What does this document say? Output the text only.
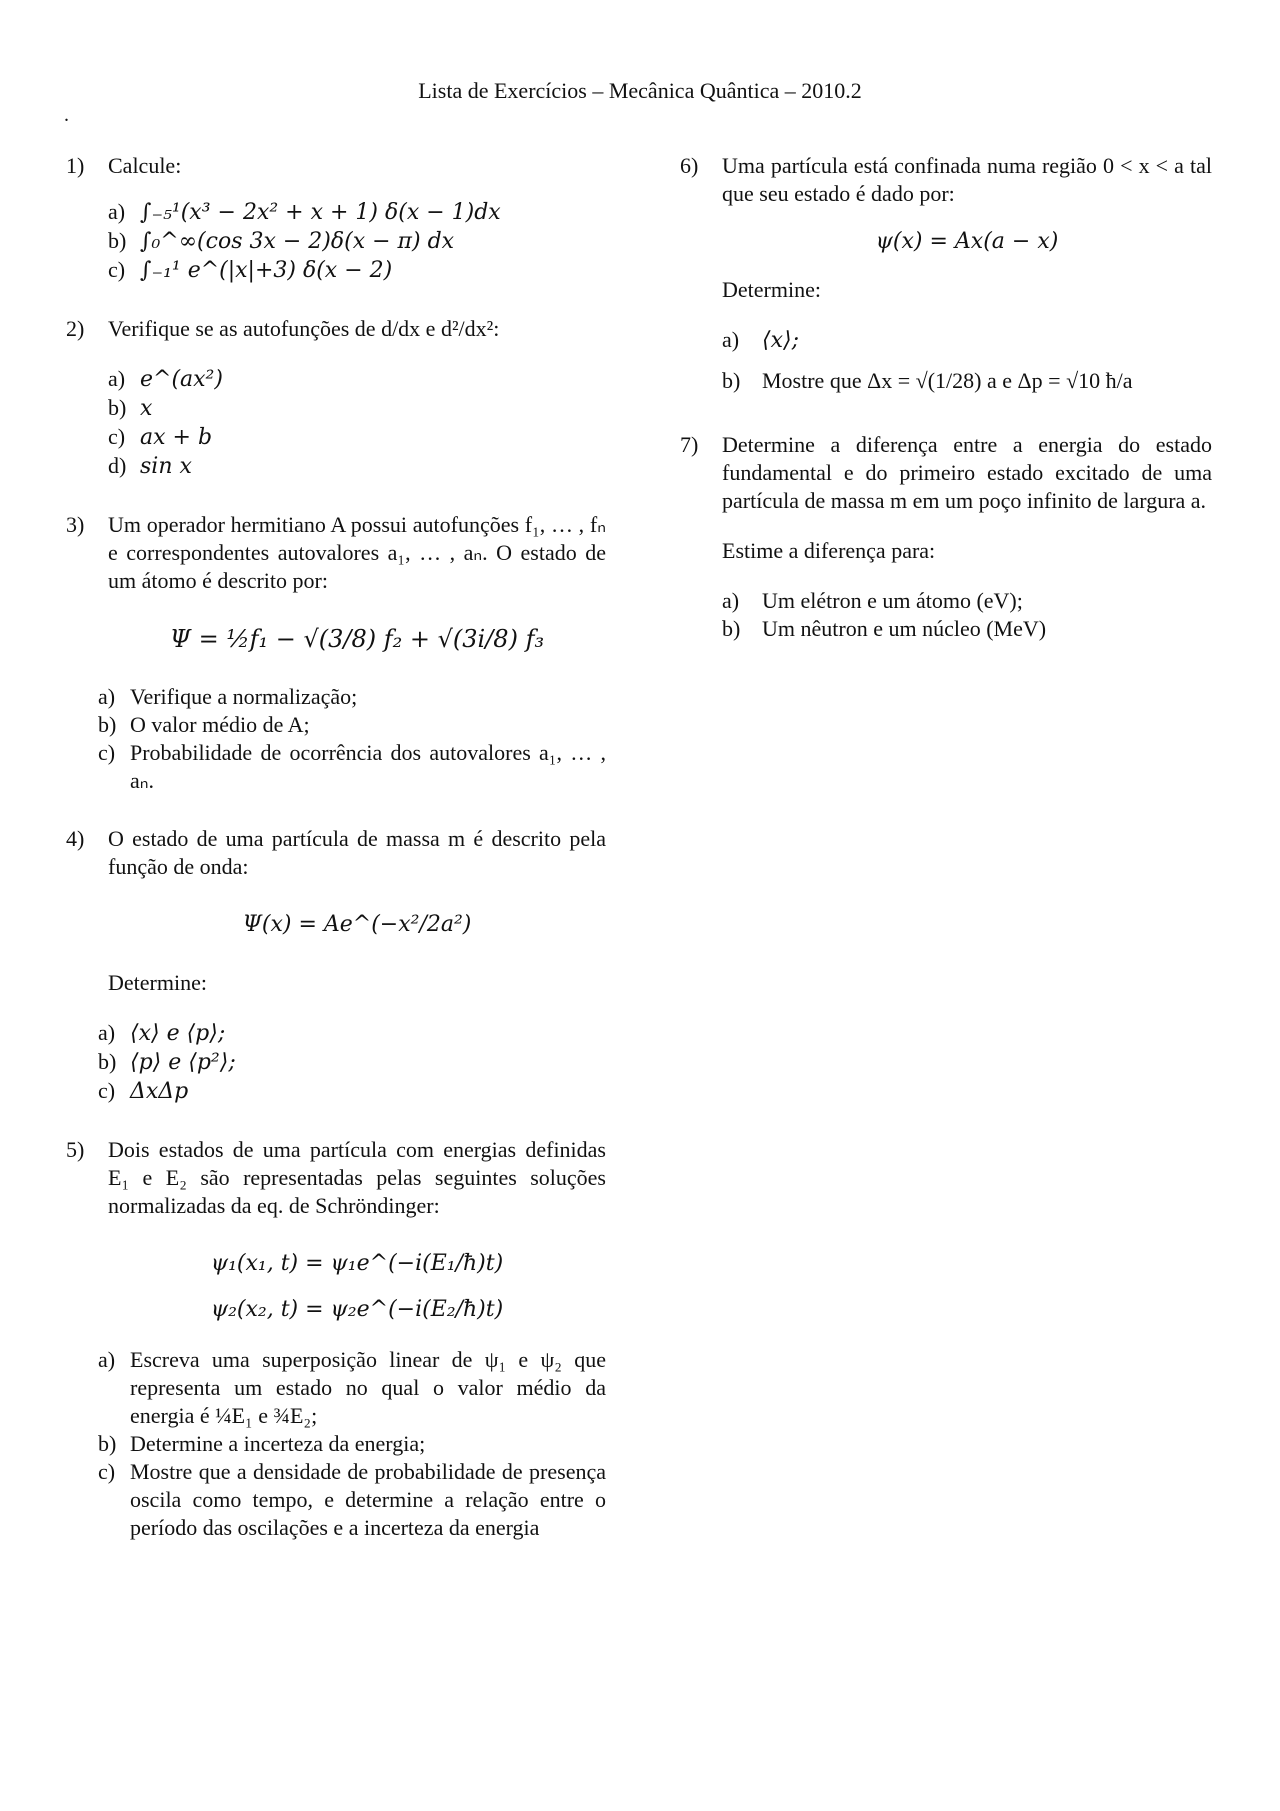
Lista de Exercícios – Mecânica Quântica – 2010.2
.
1) Calcule:
a) ∫₋₅¹(x³ − 2x² + x + 1) δ(x − 1)dx
b) ∫₀^∞(cos 3x − 2)δ(x − π) dx
c) ∫₋₁¹ e^(|x|+3) δ(x − 2)
2) Verifique se as autofunções de d/dx e d²/dx²:
a) e^(ax²)
b) x
c) ax + b
d) sin x
3) Um operador hermitiano A possui autofunções f₁, … , fₙ e correspondentes autovalores a₁, … , aₙ. O estado de um átomo é descrito por:
Ψ = ½f₁ − √(3/8) f₂ + √(3i/8) f₃
a) Verifique a normalização;
b) O valor médio de A;
c) Probabilidade de ocorrência dos autovalores a₁, … , aₙ.
4) O estado de uma partícula de massa m é descrito pela função de onda:
Ψ(x) = Ae^(−x²/2a²)
Determine:
a) ⟨x⟩ e ⟨p⟩;
b) ⟨p⟩ e ⟨p²⟩;
c) ΔxΔp
5) Dois estados de uma partícula com energias definidas E₁ e E₂ são representadas pelas seguintes soluções normalizadas da eq. de Schröndinger:
ψ₁(x₁, t) = ψ₁e^(−i(E₁/ħ)t)
ψ₂(x₂, t) = ψ₂e^(−i(E₂/ħ)t)
a) Escreva uma superposição linear de ψ₁ e ψ₂ que representa um estado no qual o valor médio da energia é ¼E₁ e ¾E₂;
b) Determine a incerteza da energia;
c) Mostre que a densidade de probabilidade de presença oscila como tempo, e determine a relação entre o período das oscilações e a incerteza da energia
6) Uma partícula está confinada numa região 0 < x < a tal que seu estado é dado por:
ψ(x) = Ax(a − x)
Determine:
a) ⟨x⟩;
b) Mostre que Δx = √(1/28) a e Δp = √10 ħ/a
7) Determine a diferença entre a energia do estado fundamental e do primeiro estado excitado de uma partícula de massa m em um poço infinito de largura a.
Estime a diferença para:
a) Um elétron e um átomo (eV);
b) Um nêutron e um núcleo (MeV)
